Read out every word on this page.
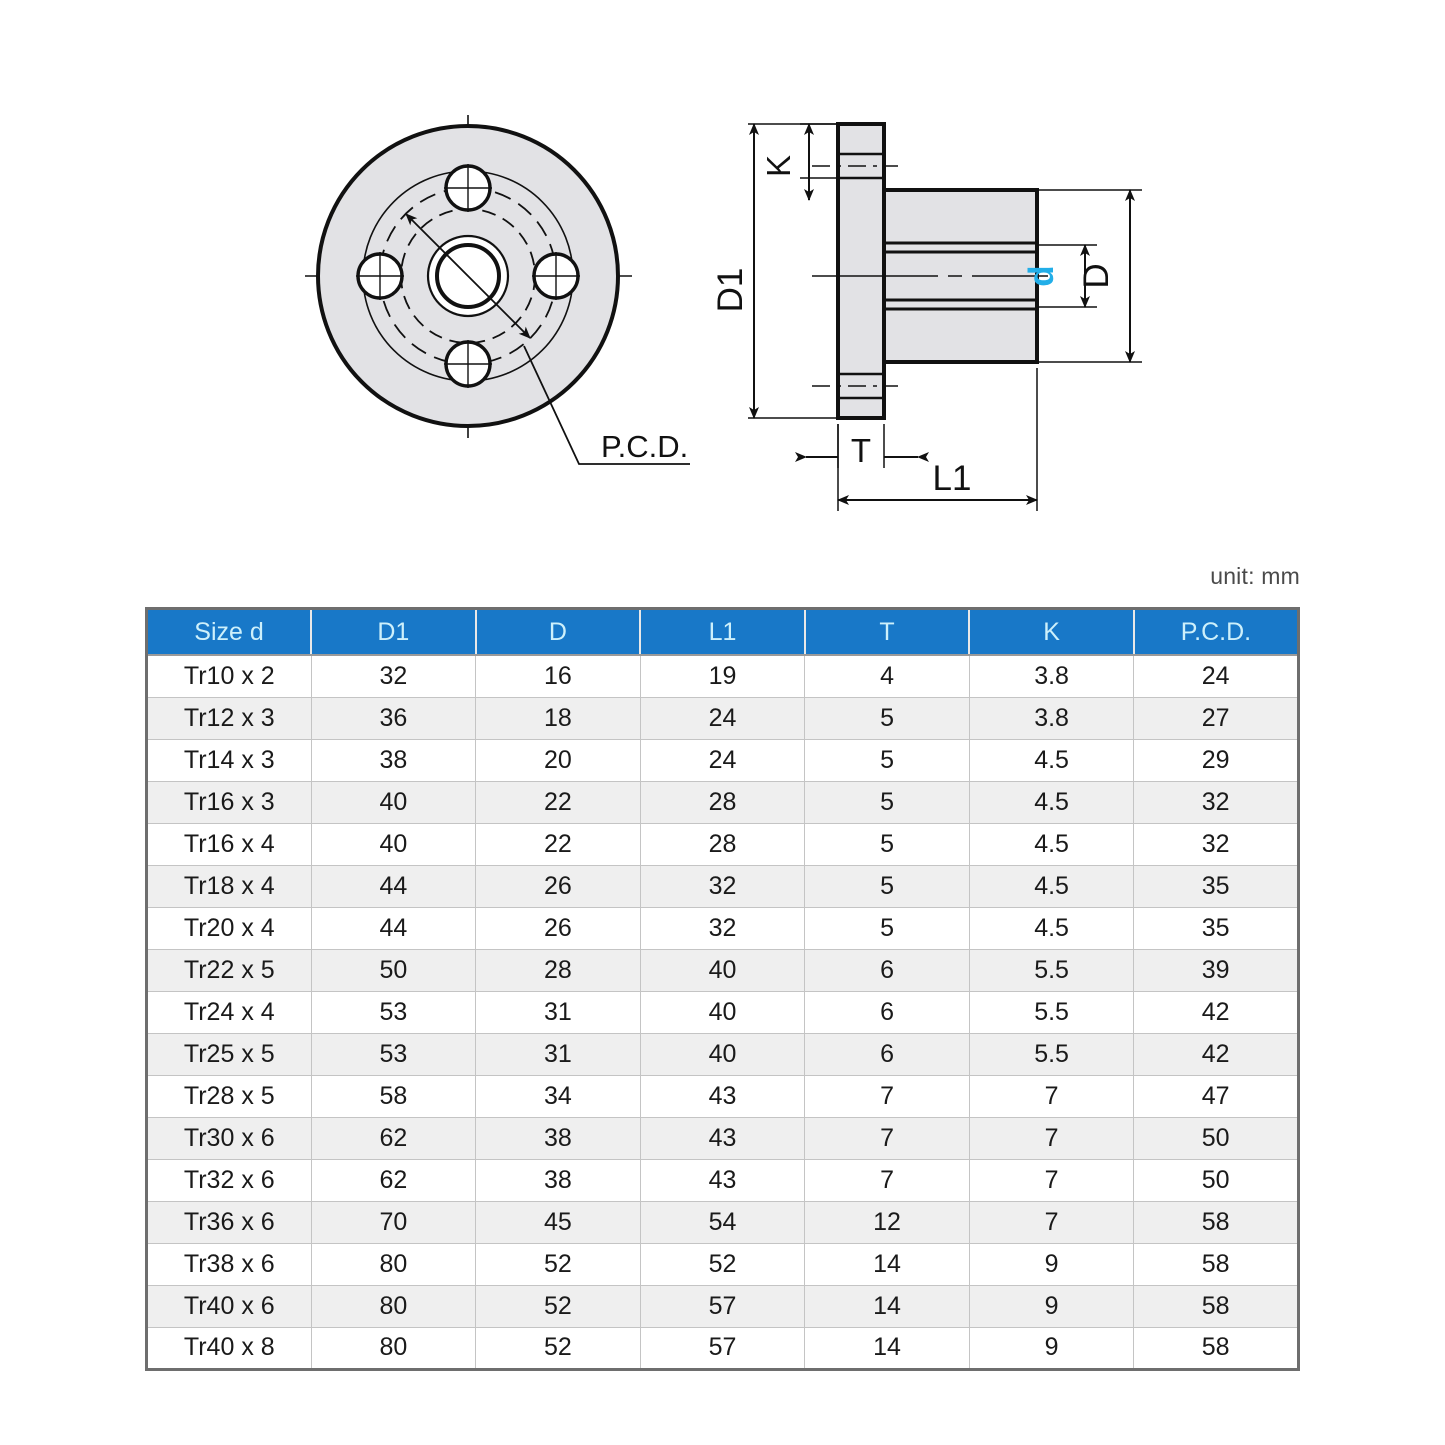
P.C.D.
D1
K
d D
T
L1
unit: mm
Size d	D1	D	L1	T	K	P.C.D.
Tr10 x 2	32	16	19	4	3.8	24
Tr12 x 3	36	18	24	5	3.8	27
Tr14 x 3	38	20	24	5	4.5	29
Tr16 x 3	40	22	28	5	4.5	32
Tr16 x 4	40	22	28	5	4.5	32
Tr18 x 4	44	26	32	5	4.5	35
Tr20 x 4	44	26	32	5	4.5	35
Tr22 x 5	50	28	40	6	5.5	39
Tr24 x 4	53	31	40	6	5.5	42
Tr25 x 5	53	31	40	6	5.5	42
Tr28 x 5	58	34	43	7	7	47
Tr30 x 6	62	38	43	7	7	50
Tr32 x 6	62	38	43	7	7	50
Tr36 x 6	70	45	54	12	7	58
Tr38 x 6	80	52	52	14	9	58
Tr40 x 6	80	52	57	14	9	58
Tr40 x 8	80	52	57	14	9	58
